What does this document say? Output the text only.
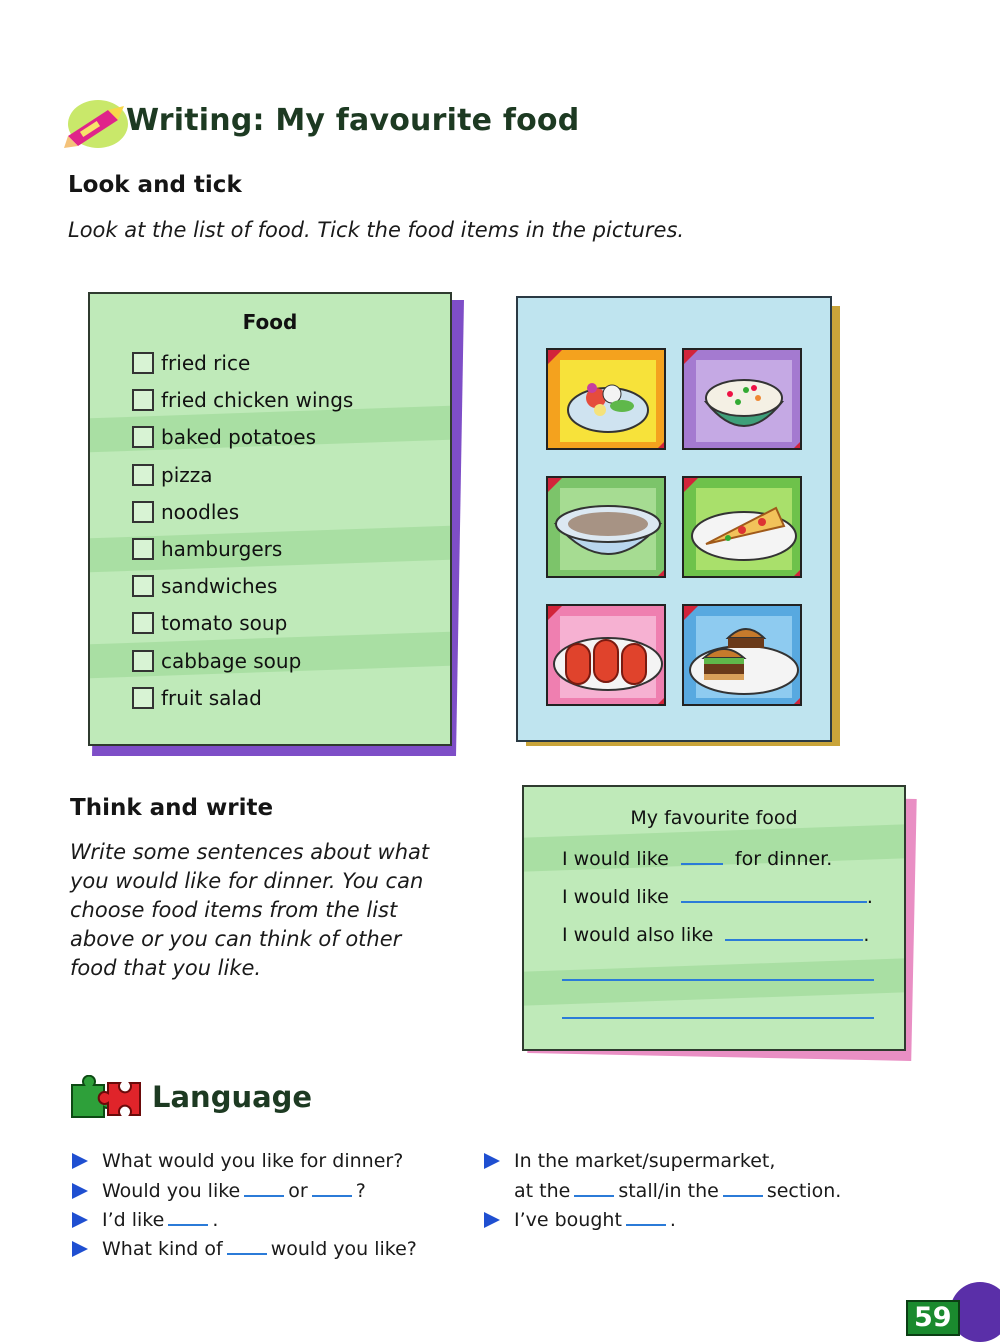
Writing: My favourite food
Look and tick
Look at the list of food. Tick the food items in the pictures.
Food
fried rice
fried chicken wings
baked potatoes
pizza
noodles
hamburgers
sandwiches
tomato soup
cabbage soup
fruit salad
Think and write
Write some sentences about what
you would like for dinner. You can
choose food items from the list
above or you can think of other
food that you like.
My favourite food
I would like	for dinner.
I would like	.
I would also like	.
Language
What would you like for dinner?
Would you like	or	?
I’d like	.
What kind of	would you like?
In the market/supermarket,
at the	stall/in the	section.
I’ve bought	.
59
